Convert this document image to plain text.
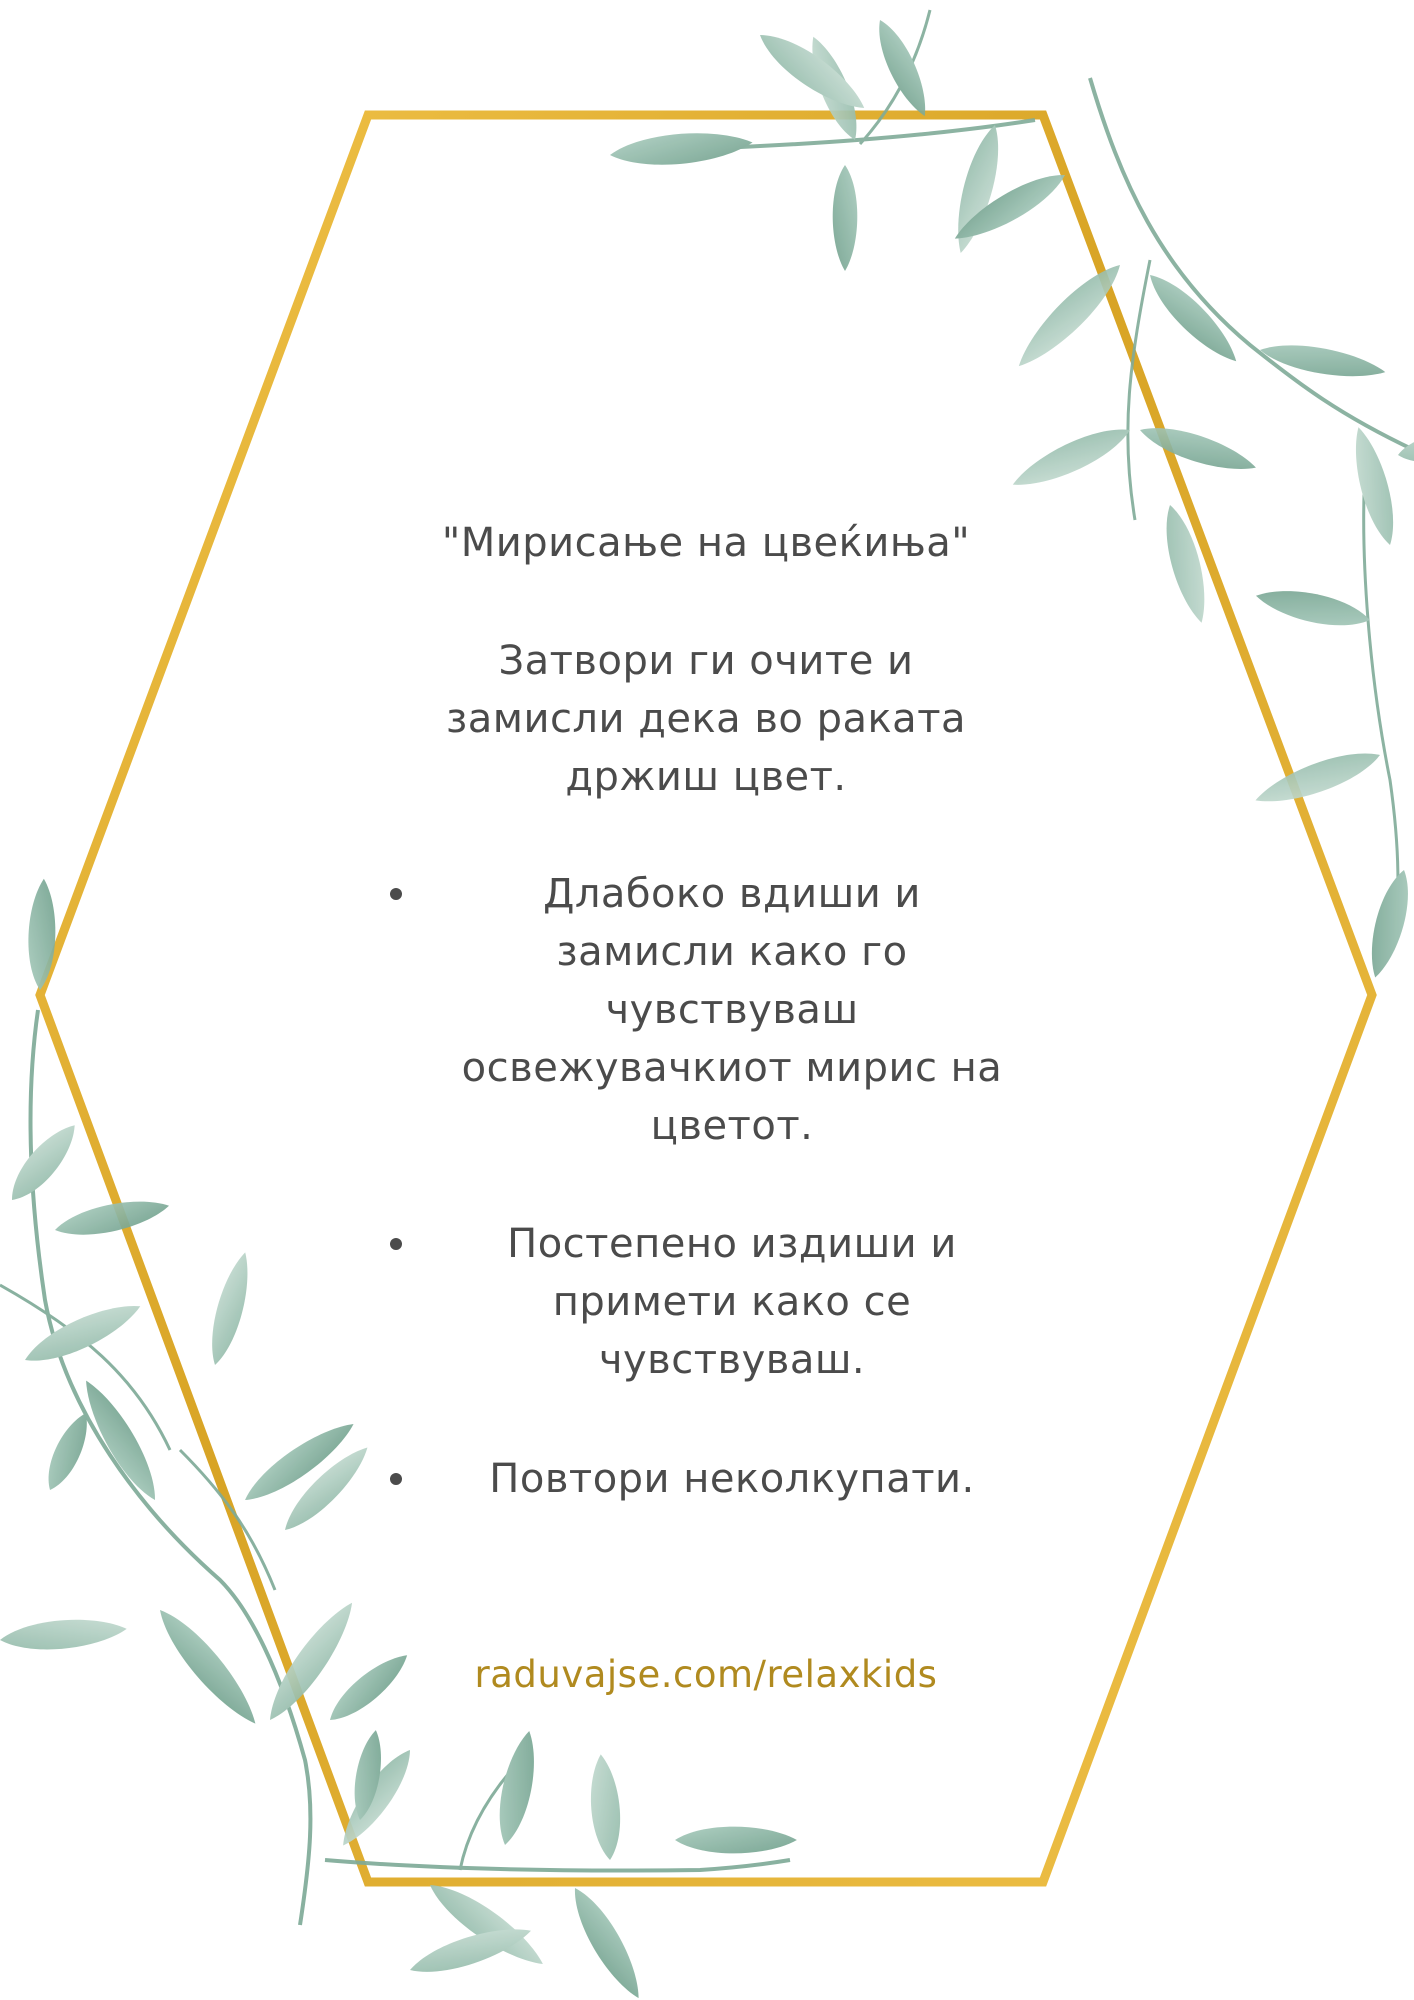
"Мирисање на цвеќиња"
Затвори ги очите и
замисли дека во раката
држиш цвет.
Длабоко вдиши и
замисли како го
чувствуваш
освежувачкиот мирис на
цветот.
Постепено издиши и
примети како се
чувствуваш.
Повтори неколкупати.
raduvajse.com/relaxkids
